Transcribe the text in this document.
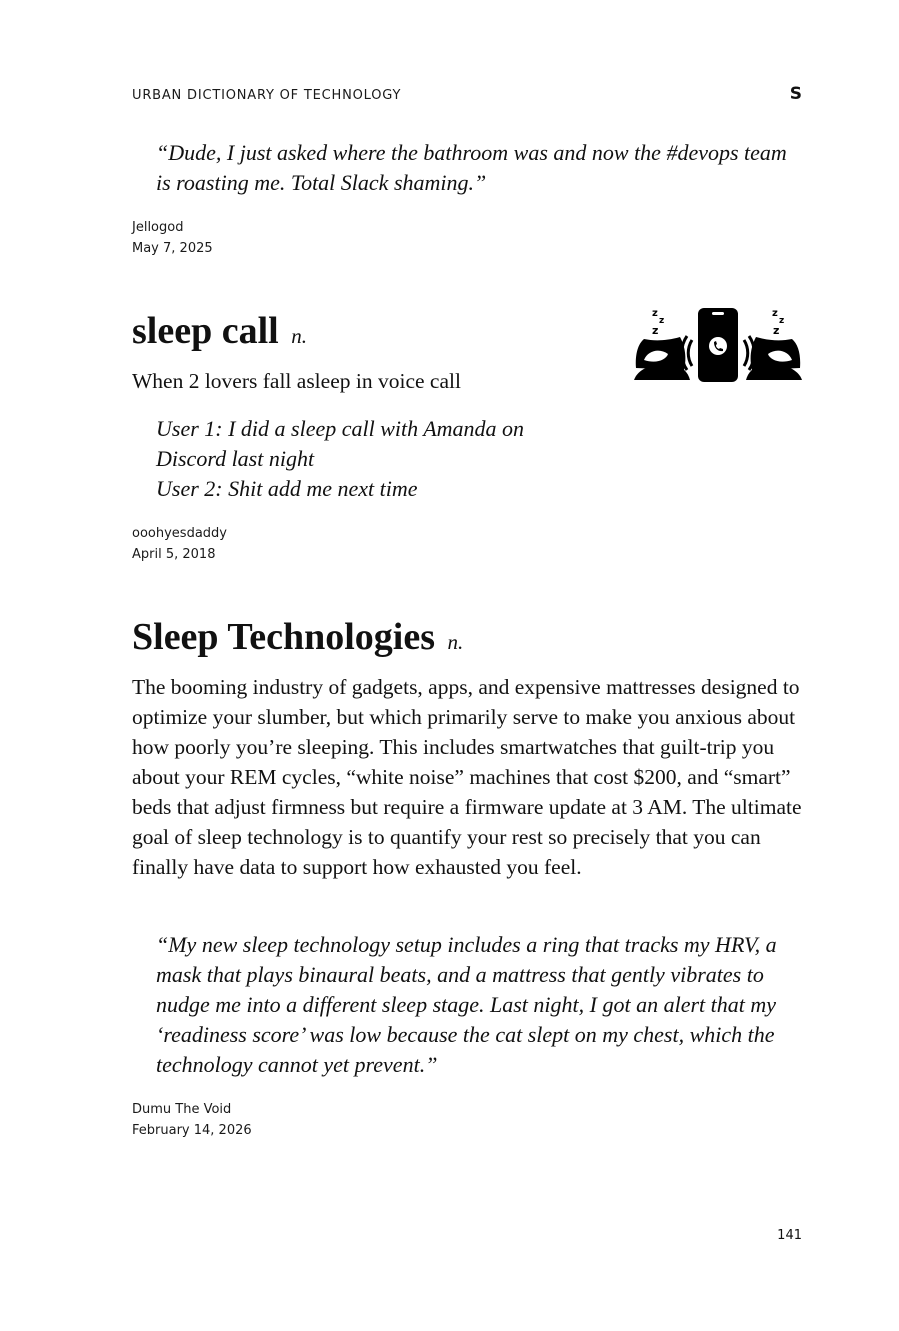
URBAN DICTIONARY OF TECHNOLOGY	S

“Dude, I just asked where the bathroom was and now the #devops team is roasting me. Total Slack shaming.”

Jellogod
May 7, 2025
sleep call n.
z
z
z
z
z
z

When 2 lovers fall asleep in voice call

User 1: I did a sleep call with Amanda on
Discord last night
User 2: Shit add me next time
ooohyesdaddy
April 5, 2018
Sleep Technologies n.

The booming industry of gadgets, apps, and expensive mattresses designed to optimize your slumber, but which primarily serve to make you anxious about how poorly you’re sleeping. This includes smartwatches that guilt-trip you about your REM cycles, “white noise” machines that cost $200, and “smart” beds that adjust firmness but require a firmware update at 3 AM. The ultimate goal of sleep technology is to quantify your rest so precisely that you can finally have data to support how exhausted you feel.

“My new sleep technology setup includes a ring that tracks my HRV, a mask that plays binaural beats, and a mattress that gently vibrates to nudge me into a different sleep stage. Last night, I got an alert that my ‘readiness score’ was low because the cat slept on my chest, which the technology cannot yet prevent.”

Dumu The Void
February 14, 2026
141
